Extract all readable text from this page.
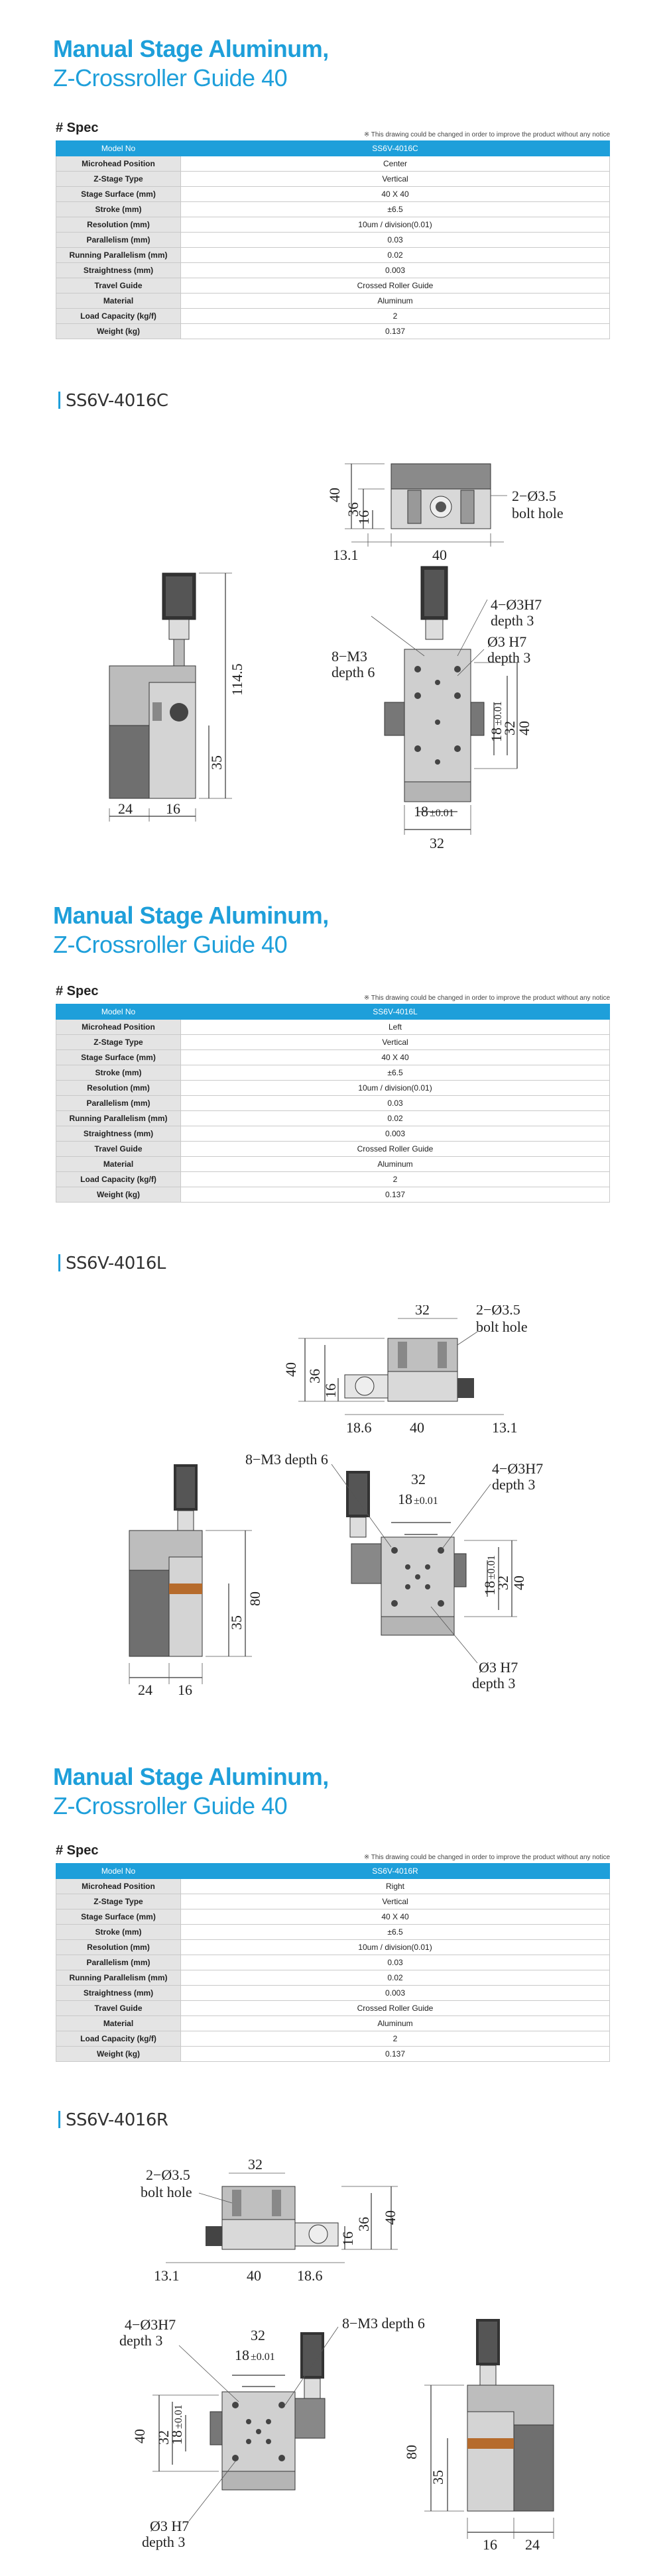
Manual Stage Aluminum,
Z-Crossroller Guide 40
# Spec	※ This drawing could be changed in order to improve the product without any notice
Model No	SS6V-4016C
Microhead Position	Center
Z-Stage Type	Vertical
Stage Surface (mm)	40 X 40
Stroke (mm)	±6.5
Resolution (mm)	10um / division(0.01)
Parallelism (mm)	0.03
Running Parallelism (mm)	0.02
Straightness (mm)	0.003
Travel Guide	Crossed Roller Guide
Material	Aluminum
Load Capacity (kg/f)	2
Weight (kg)	0.137
SS6V-4016C
40
36
16
13.1	40
2−Ø3.5
bolt hole
114.5
35
24 16
4−Ø3H7
depth 3
8−M3
depth 6
Ø3 H7
depth 3
18
±0.01
32
40
18 ±0.01
32
Manual Stage Aluminum,
Z-Crossroller Guide 40
# Spec	※ This drawing could be changed in order to improve the product without any notice
Model No	SS6V-4016L
Microhead Position	Left
Z-Stage Type	Vertical
Stage Surface (mm)	40 X 40
Stroke (mm)	±6.5
Resolution (mm)	10um / division(0.01)
Parallelism (mm)	0.03
Running Parallelism (mm)	0.02
Straightness (mm)	0.003
Travel Guide	Crossed Roller Guide
Material	Aluminum
Load Capacity (kg/f)	2
Weight (kg)	0.137
SS6V-4016L
32	2−Ø3.5
bolt hole
40 36
16
18.6	40	13.1
80
35
24 16
8−M3 depth 6
32
18 ±0.01
4−Ø3H7
depth 3
18
±0.01
32 40
Ø3 H7
depth 3
Manual Stage Aluminum,
Z-Crossroller Guide 40
# Spec	※ This drawing could be changed in order to improve the product without any notice
Model No	SS6V-4016R
Microhead Position	Right
Z-Stage Type	Vertical
Stage Surface (mm)	40 X 40
Stroke (mm)	±6.5
Resolution (mm)	10um / division(0.01)
Parallelism (mm)	0.03
Running Parallelism (mm)	0.02
Straightness (mm)	0.003
Travel Guide	Crossed Roller Guide
Material	Aluminum
Load Capacity (kg/f)	2
Weight (kg)	0.137
SS6V-4016R
2−Ø3.5
bolt hole
32
36 40
16
13.1	40 18.6
4−Ø3H7
depth 3
8−M3 depth 6
32
18 ±0.01
40 32
18
±0.01
Ø3 H7
depth 3
80
35
16 24
